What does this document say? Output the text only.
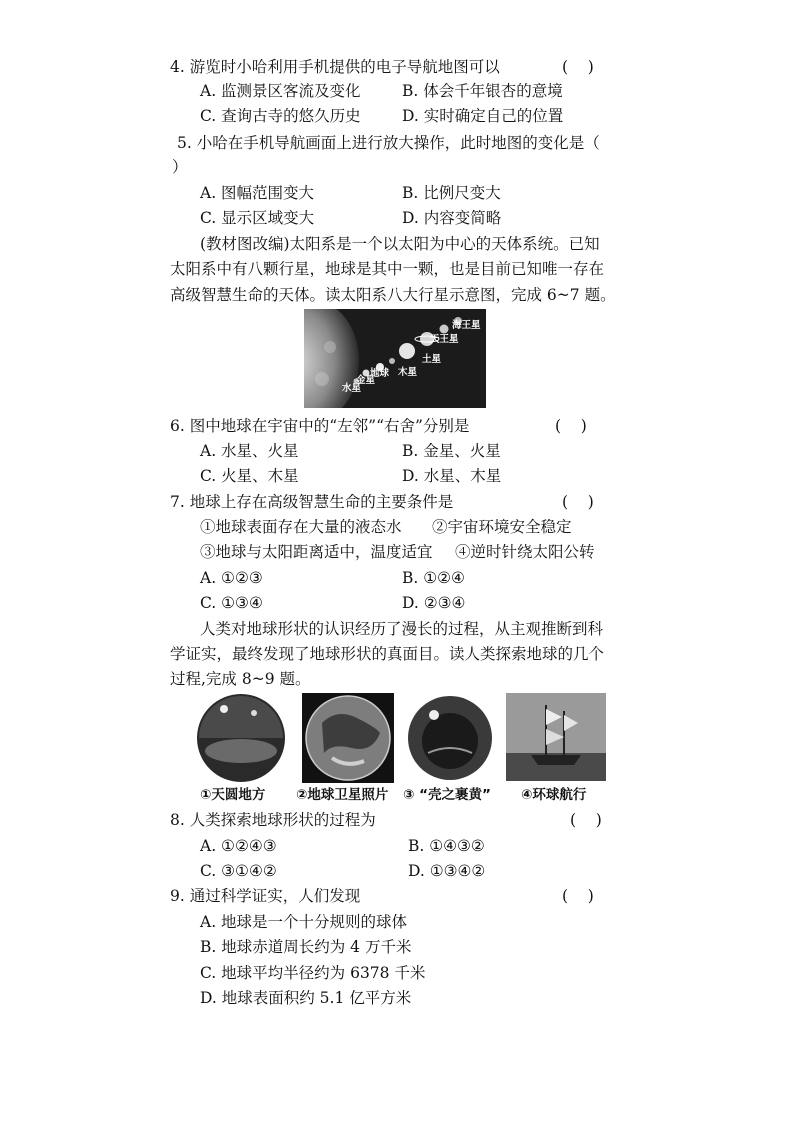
4. 游览时小哈利用手机提供的电子导航地图可以	(    )
A. 监测景区客流及变化	B. 体会千年银杏的意境
C. 查询古寺的悠久历史	D. 实时确定自己的位置
5. 小哈在手机导航画面上进行放大操作，此时地图的变化是（
）
A. 图幅范围变大	B. 比例尺变大
C. 显示区域变大	D. 内容变简略
(教材图改编)太阳系是一个以太阳为中心的天体系统。已知
太阳系中有八颗行星，地球是其中一颗，也是目前已知唯一存在
高级智慧生命的天体。读太阳系八大行星示意图，完成 6~7 题。
海王星
天王星
土星
木星
地球
金星
水星
6. 图中地球在宇宙中的“左邻”“右舍”分别是	(    )
A. 水星、火星	B. 金星、火星
C. 火星、木星	D. 水星、木星
7. 地球上存在高级智慧生命的主要条件是	(    )
①地球表面存在大量的液态水 ②宇宙环境安全稳定
③地球与太阳距离适中，温度适宜 ④逆时针绕太阳公转
A. ①②③	B. ①②④
C. ①③④	D. ②③④
人类对地球形状的认识经历了漫长的过程，从主观推断到科
学证实，最终发现了地球形状的真面目。读人类探索地球的几个
过程,完成 8~9 题。
①天圆地方 ②地球卫星照片 ③ “壳之裹黄” ④环球航行
8. 人类探索地球形状的过程为	(    )
A. ①②④③	B. ①④③②
C. ③①④②	D. ①③④②
9. 通过科学证实，人们发现	(    )
A. 地球是一个十分规则的球体
B. 地球赤道周长约为 4 万千米
C. 地球平均半径约为 6378 千米
D. 地球表面积约 5.1 亿平方米
